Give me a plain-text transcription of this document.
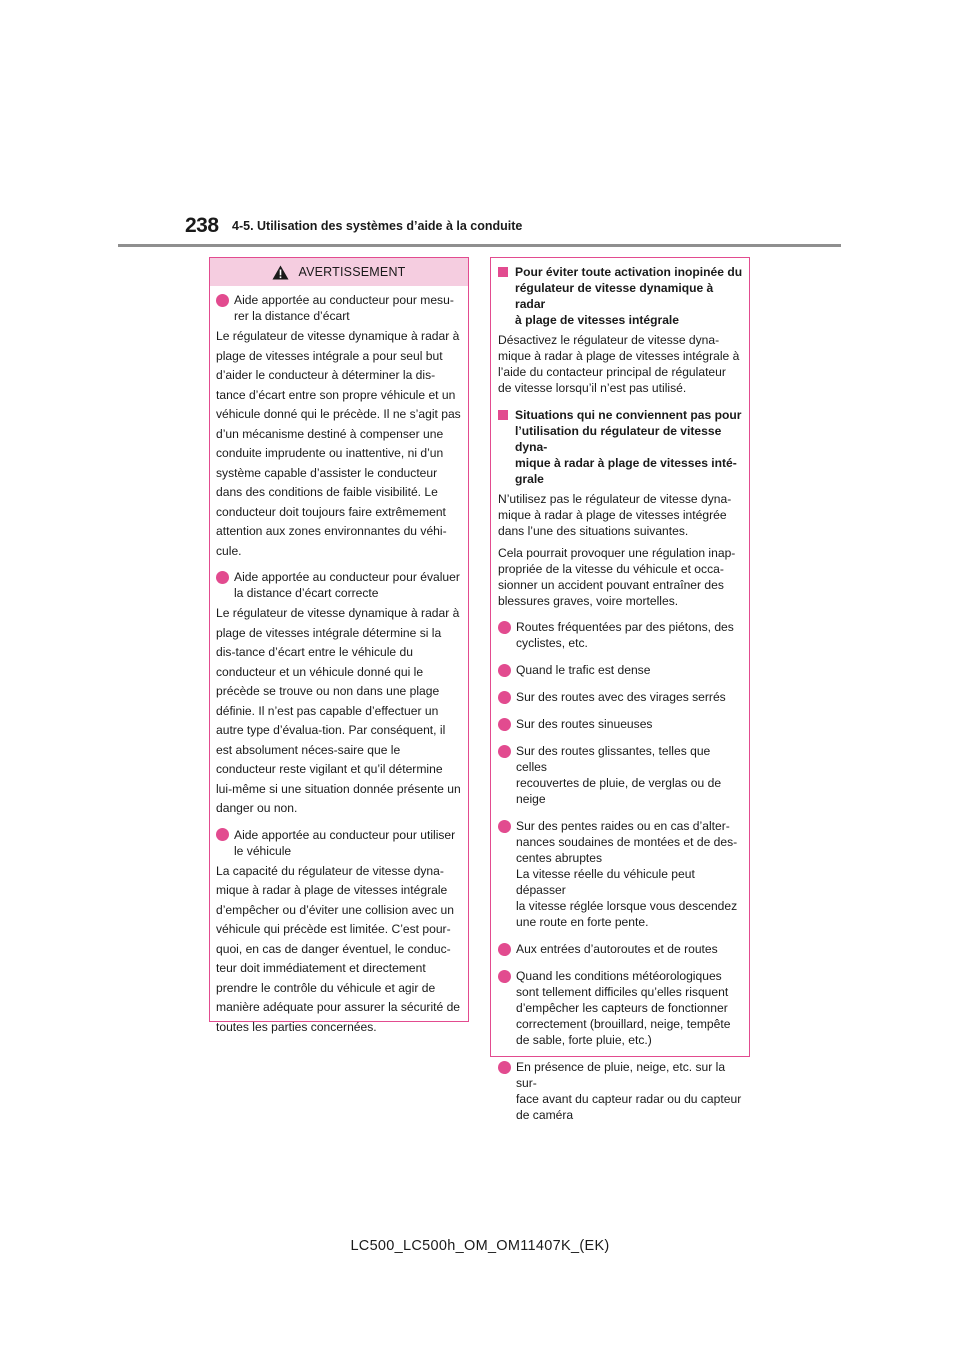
238 4-5. Utilisation des systèmes d’aide à la conduite
AVERTISSEMENT
Aide apportée au conducteur pour mesu-
rer la distance d’écart

Le régulateur de vitesse dynamique à radar à plage de vitesses intégrale a pour seul but d’aider le conducteur à déterminer la dis-tance d’écart entre son propre véhicule et un véhicule donné qui le précède. Il ne s’agit pas d’un mécanisme destiné à compenser une conduite imprudente ou inattentive, ni d’un système capable d’assister le conducteur dans des conditions de faible visibilité. Le conducteur doit toujours faire extrêmement attention aux zones environnantes du véhi-cule.

Aide apportée au conducteur pour évaluer
la distance d’écart correcte

Le régulateur de vitesse dynamique à radar à plage de vitesses intégrale détermine si la dis-tance d’écart entre le véhicule du conducteur et un véhicule donné qui le précède se trouve ou non dans une plage définie. Il n’est pas capable d’effectuer un autre type d’évalua-tion. Par conséquent, il est absolument néces-saire que le conducteur reste vigilant et qu’il détermine lui-même si une situation donnée présente un danger ou non.

Aide apportée au conducteur pour utiliser
le véhicule

La capacité du régulateur de vitesse dyna-mique à radar à plage de vitesses intégrale d’empêcher ou d’éviter une collision avec un véhicule qui précède est limitée. C’est pour-quoi, en cas de danger éventuel, le conduc-teur doit immédiatement et directement prendre le contrôle du véhicule et agir de manière adéquate pour assurer la sécurité de toutes les parties concernées.

Pour éviter toute activation inopinée du
régulateur de vitesse dynamique à radar
à plage de vitesses intégrale

Désactivez le régulateur de vitesse dyna-
mique à radar à plage de vitesses intégrale à
l’aide du contacteur principal de régulateur
de vitesse lorsqu’il n’est pas utilisé.

Situations qui ne conviennent pas pour
l’utilisation du régulateur de vitesse dyna-
mique à radar à plage de vitesses inté-
grale

N’utilisez pas le régulateur de vitesse dyna-
mique à radar à plage de vitesses intégrée
dans l’une des situations suivantes.

Cela pourrait provoquer une régulation inap-
propriée de la vitesse du véhicule et occa-
sionner un accident pouvant entraîner des
blessures graves, voire mortelles.

Routes fréquentées par des piétons, des
cyclistes, etc.
Quand le trafic est dense
Sur des routes avec des virages serrés
Sur des routes sinueuses
Sur des routes glissantes, telles que celles
recouvertes de pluie, de verglas ou de
neige
Sur des pentes raides ou en cas d’alter-
nances soudaines de montées et de des-
centes abruptes
La vitesse réelle du véhicule peut dépasser
la vitesse réglée lorsque vous descendez
une route en forte pente.
Aux entrées d’autoroutes et de routes
Quand les conditions météorologiques
sont tellement difficiles qu’elles risquent
d’empêcher les capteurs de fonctionner
correctement (brouillard, neige, tempête
de sable, forte pluie, etc.)
En présence de pluie, neige, etc. sur la sur-
face avant du capteur radar ou du capteur
de caméra
LC500_LC500h_OM_OM11407K_(EK)
